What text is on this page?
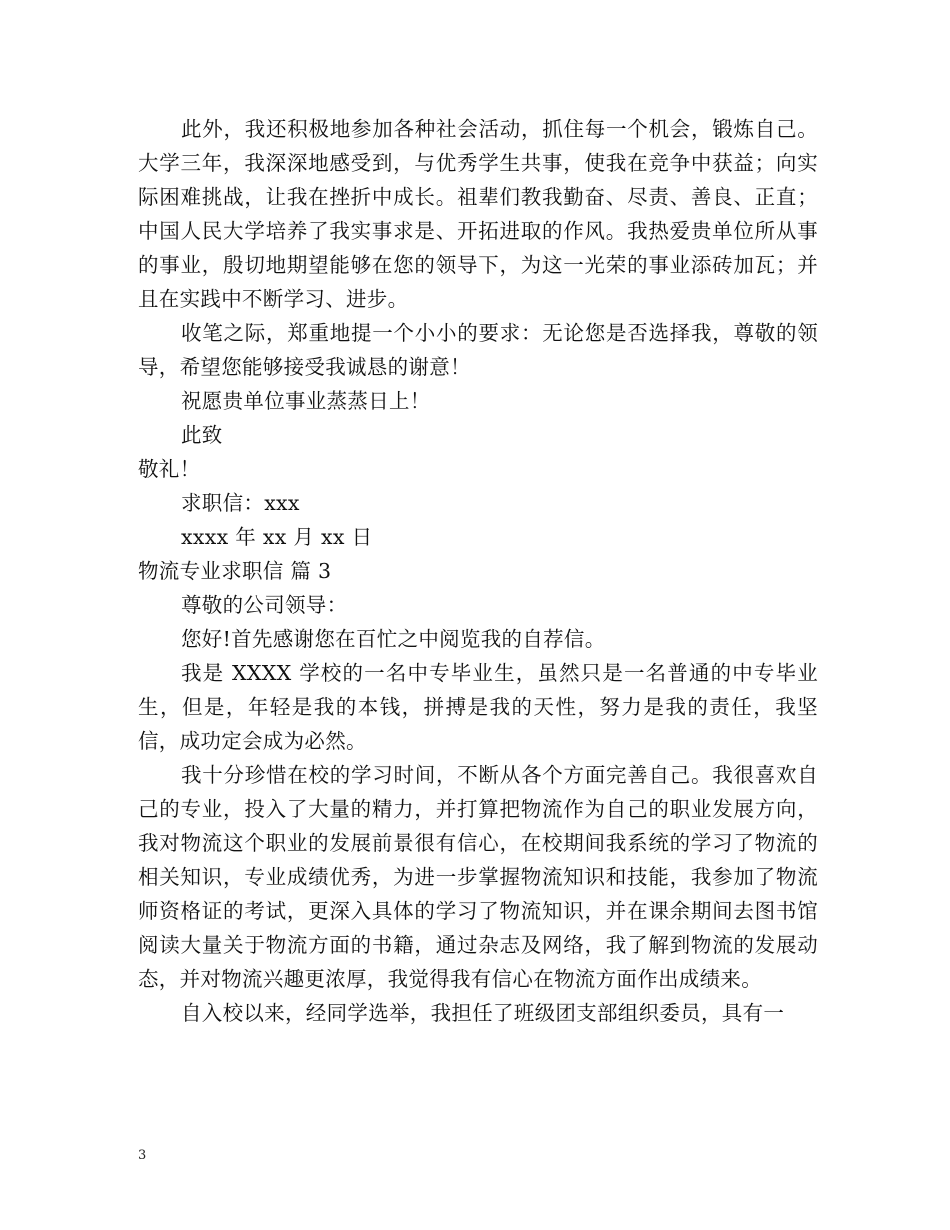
此外，我还积极地参加各种社会活动，抓住每一个机会，锻炼自己。大学三年，我深深地感受到，与优秀学生共事，使我在竞争中获益；向实际困难挑战，让我在挫折中成长。祖辈们教我勤奋、尽责、善良、正直；中国人民大学培养了我实事求是、开拓进取的作风。我热爱贵单位所从事的事业，殷切地期望能够在您的领导下，为这一光荣的事业添砖加瓦；并且在实践中不断学习、进步。

收笔之际，郑重地提一个小小的要求：无论您是否选择我，尊敬的领导，希望您能够接受我诚恳的谢意！

祝愿贵单位事业蒸蒸日上！

此致

敬礼！

求职信：xxx

xxxx 年 xx 月 xx 日

物流专业求职信 篇 3

尊敬的公司领导：

您好!首先感谢您在百忙之中阅览我的自荐信。

我是 XXXX 学校的一名中专毕业生，虽然只是一名普通的中专毕业生，但是，年轻是我的本钱，拼搏是我的天性，努力是我的责任，我坚信，成功定会成为必然。

我十分珍惜在校的学习时间，不断从各个方面完善自己。我很喜欢自己的专业，投入了大量的精力，并打算把物流作为自己的职业发展方向，我对物流这个职业的发展前景很有信心，在校期间我系统的学习了物流的相关知识，专业成绩优秀，为进一步掌握物流知识和技能，我参加了物流师资格证的考试，更深入具体的学习了物流知识，并在课余期间去图书馆阅读大量关于物流方面的书籍，通过杂志及网络，我了解到物流的发展动态，并对物流兴趣更浓厚，我觉得我有信心在物流方面作出成绩来。

自入校以来，经同学选举，我担任了班级团支部组织委员，具有一

3
